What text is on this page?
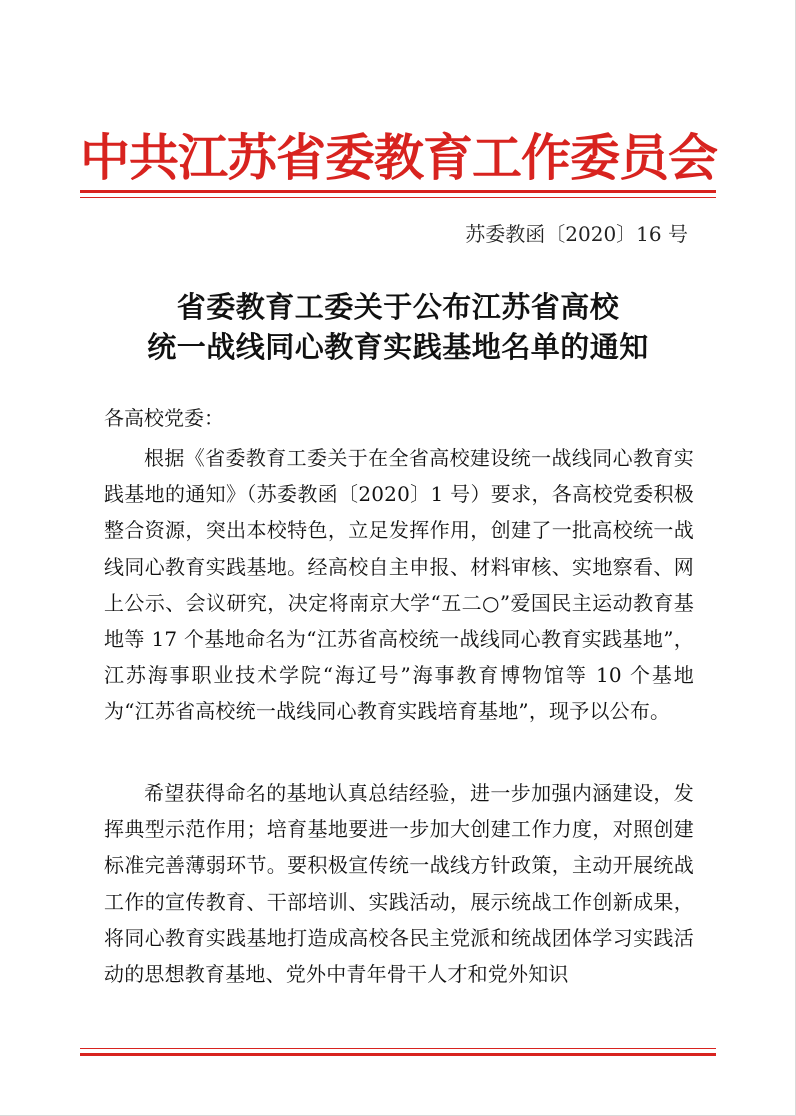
中共江苏省委教育工作委员会
苏委教函〔2020〕16 号
省委教育工委关于公布江苏省高校
统一战线同心教育实践基地名单的通知
各高校党委：

根据《省委教育工委关于在全省高校建设统一战线同心教育实践基地的通知》（苏委教函〔2020〕1 号）要求，各高校党委积极整合资源，突出本校特色，立足发挥作用，创建了一批高校统一战线同心教育实践基地。经高校自主申报、材料审核、实地察看、网上公示、会议研究，决定将南京大学“五二○”爱国民主运动教育基地等 17 个基地命名为“江苏省高校统一战线同心教育实践基地”，江苏海事职业技术学院“海辽号”海事教育博物馆等 10 个基地为“江苏省高校统一战线同心教育实践培育基地”，现予以公布。

希望获得命名的基地认真总结经验，进一步加强内涵建设，发挥典型示范作用；培育基地要进一步加大创建工作力度，对照创建标准完善薄弱环节。要积极宣传统一战线方针政策，主动开展统战工作的宣传教育、干部培训、实践活动，展示统战工作创新成果，将同心教育实践基地打造成高校各民主党派和统战团体学习实践活动的思想教育基地、党外中青年骨干人才和党外知识
